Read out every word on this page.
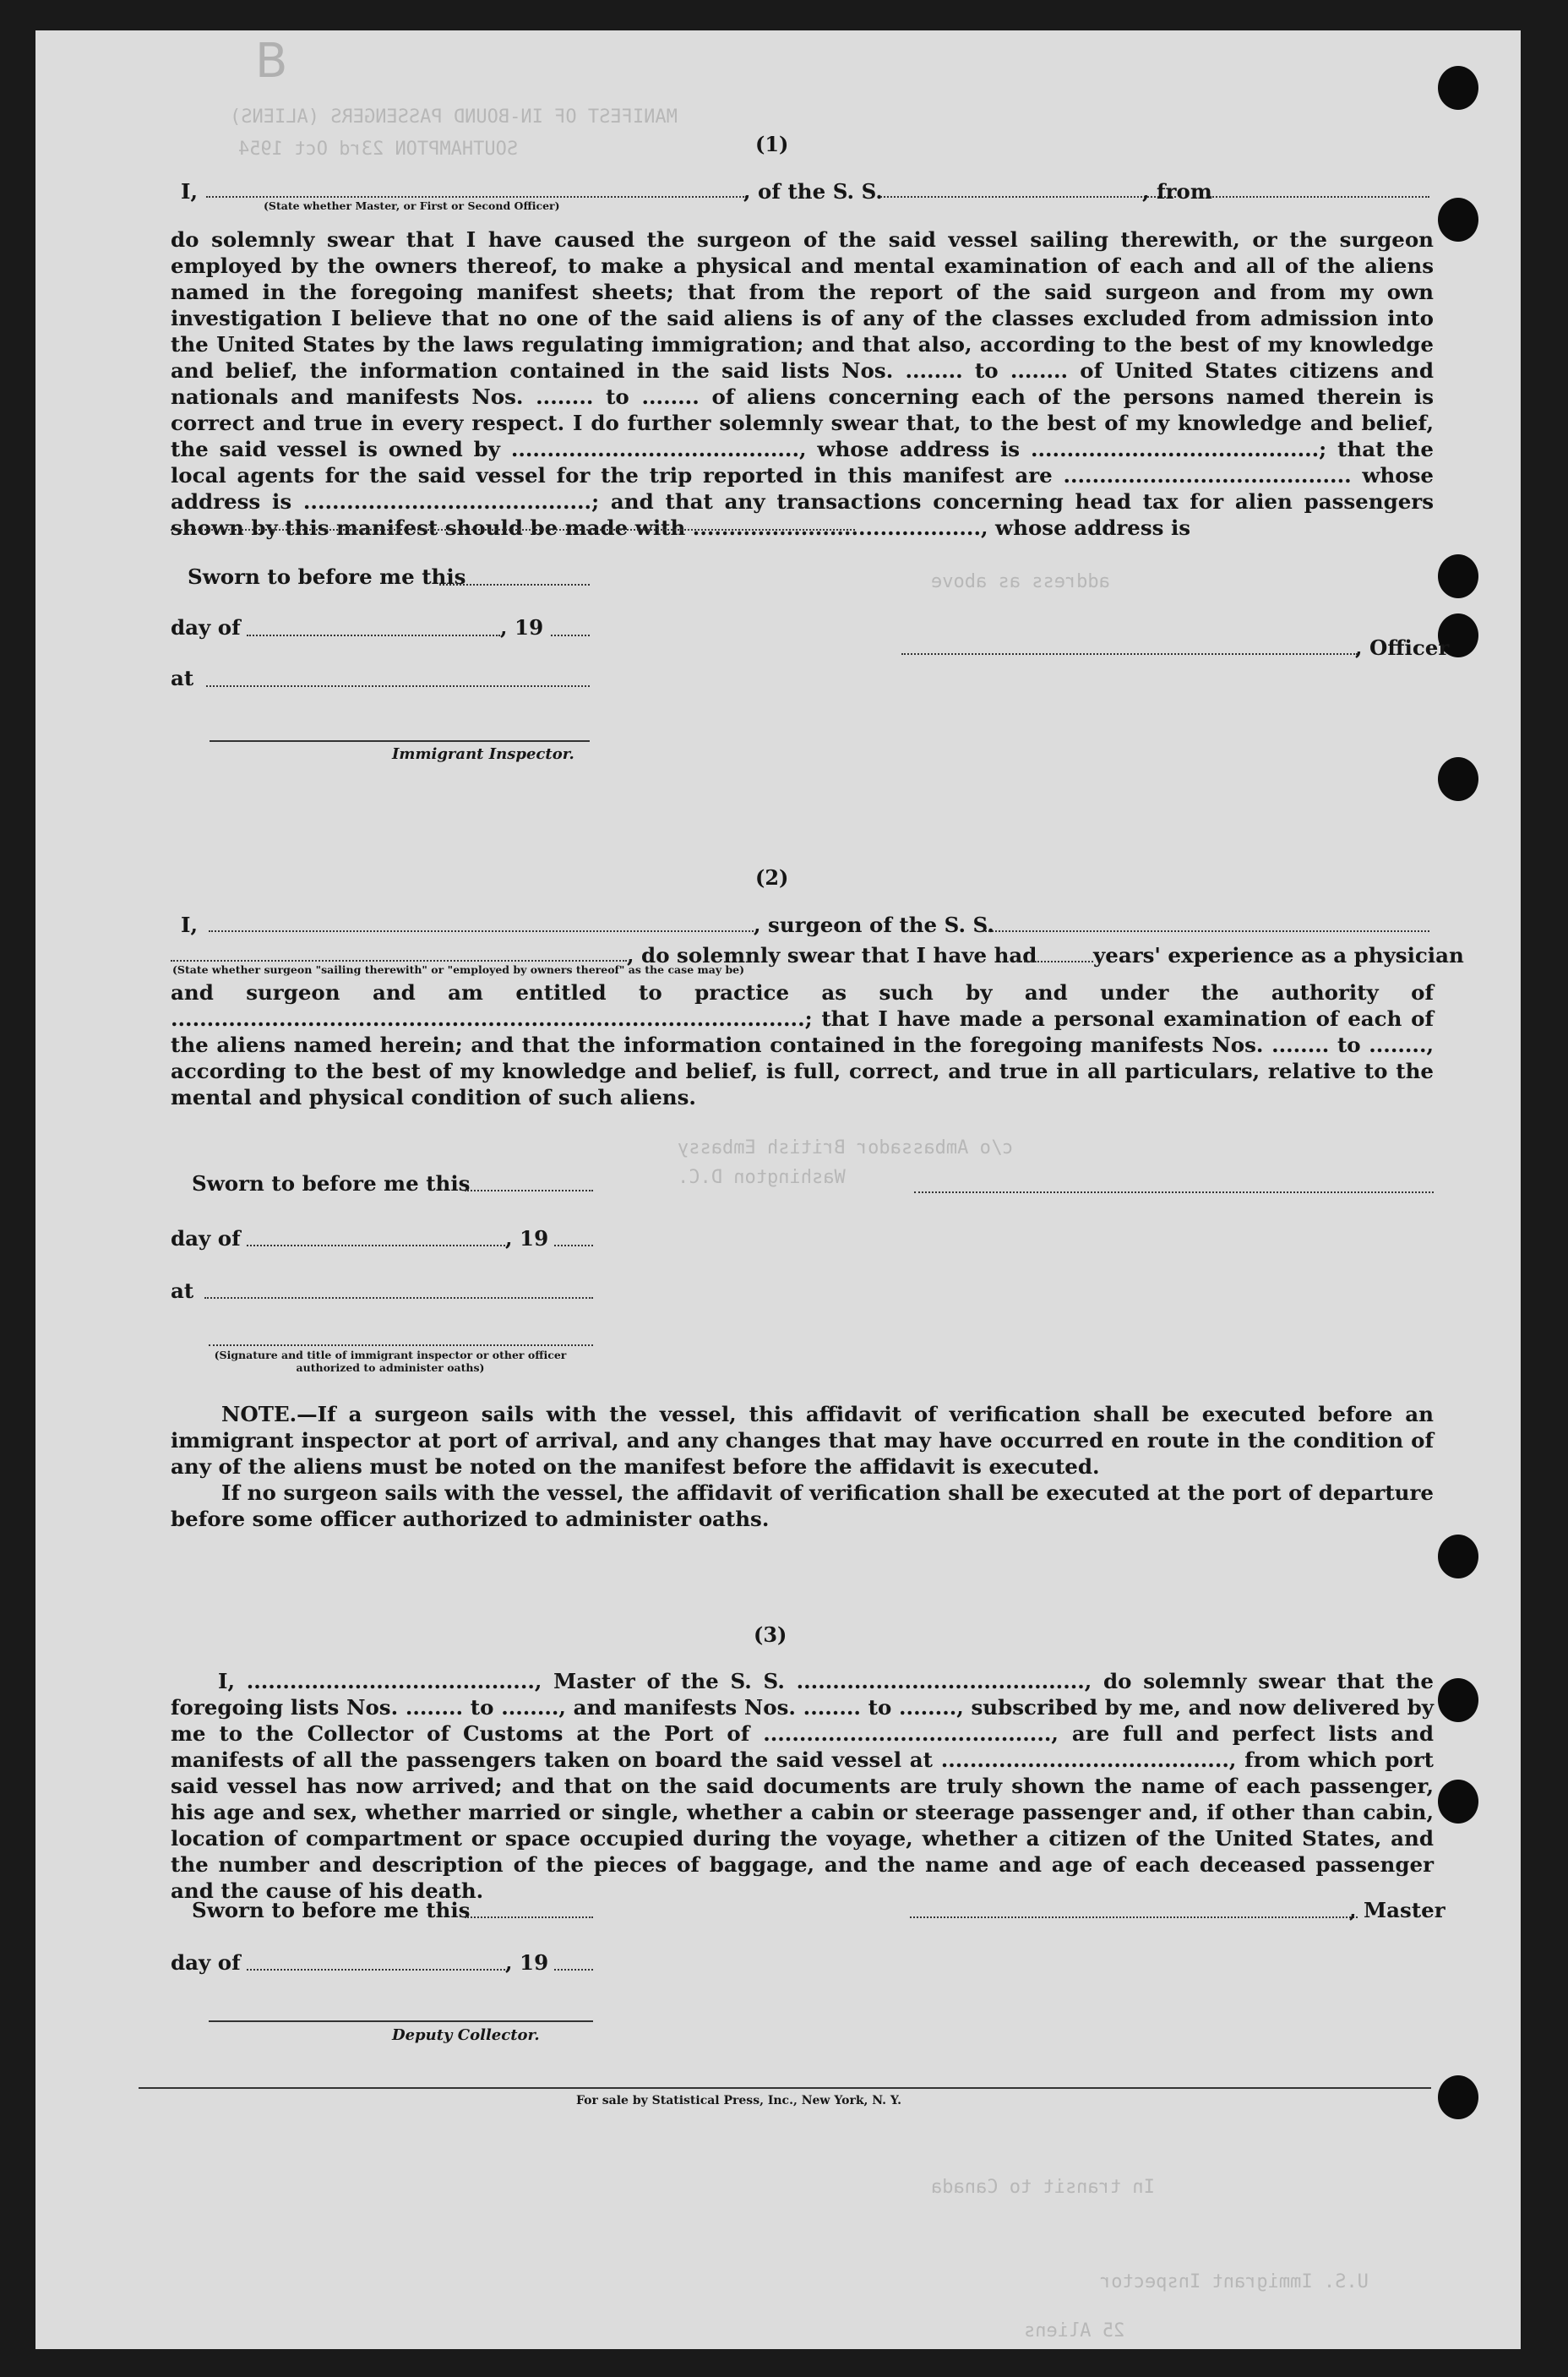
MANIFEST OF IN-BOUND PASSENGERS (ALIENS)
SOUTHAMPTON 23rd Oct 1954
c/o Ambassador British Embassy
Washington D.C.
address as above
In transit to Canada
25 Aliens
U.S. Immigrant Inspector
B
(1)
I,
(State whether Master, or First or Second Officer)
, of the S. S.	, from

do solemnly swear that I have caused the surgeon of the said vessel sailing therewith, or the surgeon employed by the owners thereof, to make a physical and mental examination of each and all of the aliens named in the foregoing manifest sheets; that from the report of the said surgeon and from my own investigation I believe that no one of the said aliens is of any of the classes excluded from admission into the United States by the laws regulating immigration; and that also, according to the best of my knowledge and belief, the information contained in the said lists Nos. ........ to ........ of United States citizens and nationals and manifests Nos. ........ to ........ of aliens concerning each of the persons named therein is correct and true in every respect. I do further solemnly swear that, to the best of my knowledge and belief, the said vessel is owned by ........................................, whose address is ........................................; that the local agents for the said vessel for the trip reported in this manifest are ........................................ whose address is ........................................; and that any transactions concerning head tax for alien passengers shown by this manifest should be made with ........................................, whose address is

Sworn to before me this
day of	, 19
at
Immigrant Inspector.
, Officer
(2)
I,	, surgeon of the S. S.
(State whether surgeon "sailing therewith" or "employed by owners thereof" as the case may be)
, do solemnly swear that I have had	years' experience as a physician

and surgeon and am entitled to practice as such by and under the authority of ........................................................................................; that I have made a personal examination of each of the aliens named herein; and that the information contained in the foregoing manifests Nos. ........ to ........, according to the best of my knowledge and belief, is full, correct, and true in all particulars, relative to the mental and physical condition of such aliens.

Sworn to before me this
day of	, 19
at
(Signature and title of immigrant inspector or other officer authorized to administer oaths)

NOTE.—If a surgeon sails with the vessel, this affidavit of verification shall be executed before an immigrant inspector at port of arrival, and any changes that may have occurred en route in the condition of any of the aliens must be noted on the manifest before the affidavit is executed.

If no surgeon sails with the vessel, the affidavit of verification shall be executed at the port of departure before some officer authorized to administer oaths.

(3)

I, ........................................, Master of the S. S. ........................................, do solemnly swear that the foregoing lists Nos. ........ to ........, and manifests Nos. ........ to ........, subscribed by me, and now delivered by me to the Collector of Customs at the Port of ........................................, are full and perfect lists and manifests of all the passengers taken on board the said vessel at ........................................, from which port said vessel has now arrived; and that on the said documents are truly shown the name of each passenger, his age and sex, whether married or single, whether a cabin or steerage passenger and, if other than cabin, location of compartment or space occupied during the voyage, whether a citizen of the United States, and the number and description of the pieces of baggage, and the name and age of each deceased passenger and the cause of his death.

Sworn to before me this	, Master
day of	, 19
Deputy Collector.
For sale by Statistical Press, Inc., New York, N. Y.
